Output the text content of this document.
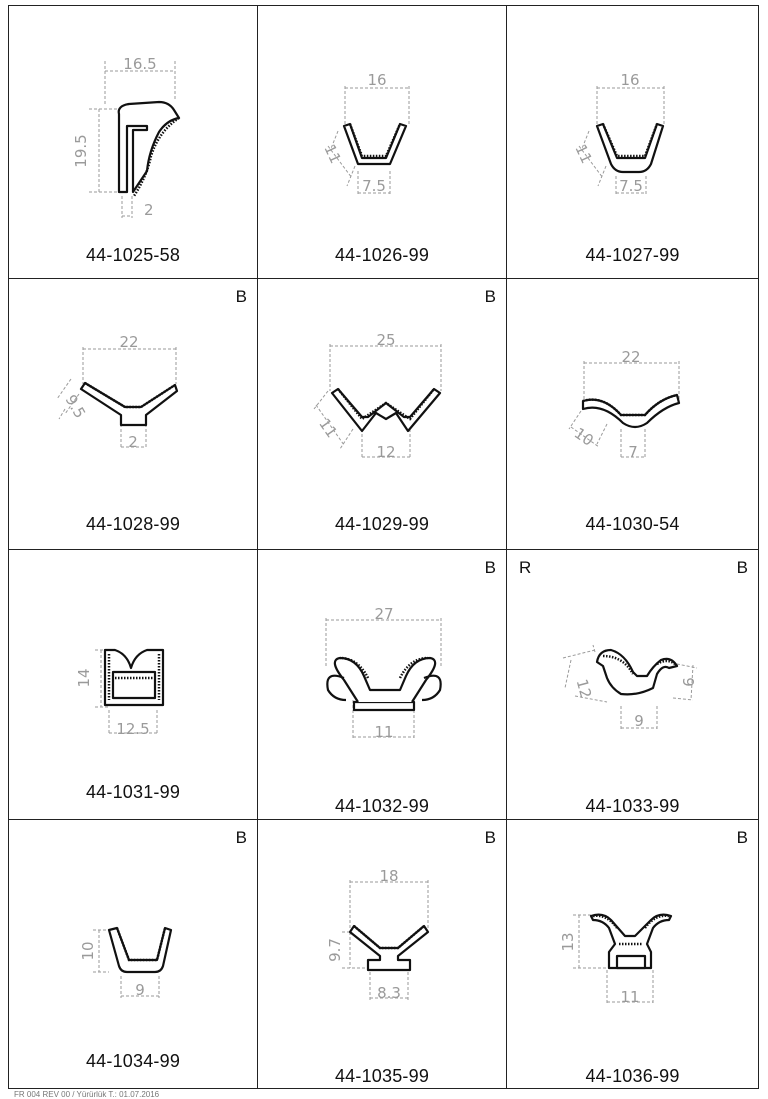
16.5
19.5
2
44-1025-58
16
11
7.5
44-1026-99
16
11
7.5
44-1027-99
22
9.5
2
44-1028-99
B
25
11
12
44-1029-99
B
22
10
7
44-1030-54
14
12.5
44-1031-99
27
11
44-1032-99
B
12	9
9
44-1033-99
R	B
10
9
44-1034-99
B
18
9.7
8.3
44-1035-99
B
13
11
44-1036-99
B
FR 004 REV 00 / Yürürlük T.: 01.07.2016
